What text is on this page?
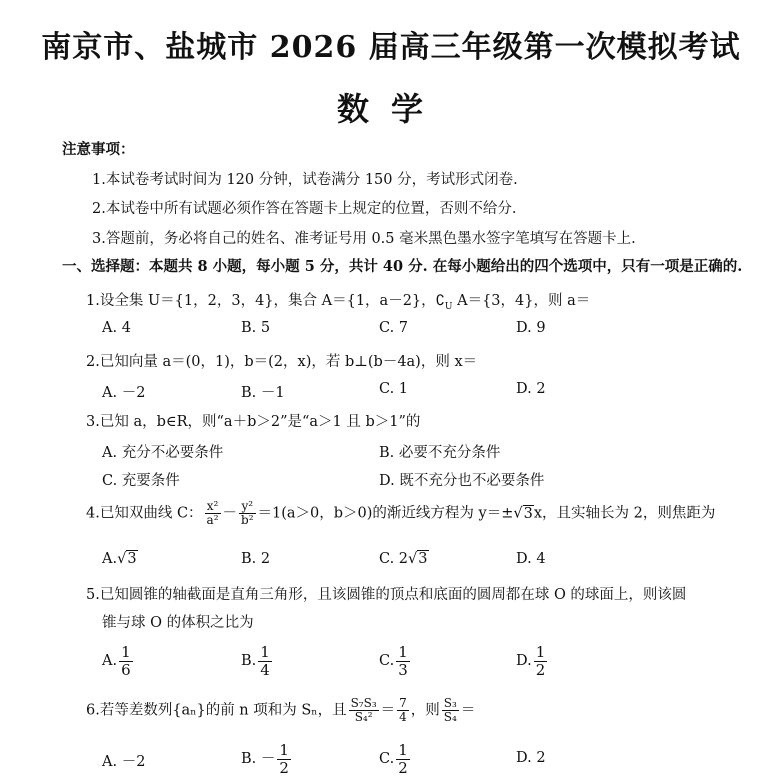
南京市、盐城市 2026 届高三年级第一次模拟考试
数学
注意事项：
1.本试卷考试时间为 120 分钟，试卷满分 150 分，考试形式闭卷.
2.本试卷中所有试题必须作答在答题卡上规定的位置，否则不给分.
3.答题前，务必将自己的姓名、准考证号用 0.5 毫米黑色墨水签字笔填写在答题卡上.
一、选择题：本题共 8 小题，每小题 5 分，共计 40 分. 在每小题给出的四个选项中，只有一项是正确的.
1.设全集 U＝{1，2，3，4}，集合 A＝{1，a－2}，$∁_U$ A＝{3，4}，则 a＝
A. 4	B. 5	C. 7	D. 9
2.已知向量 a＝(0，1)，b＝(2，x)，若 b⊥(b－4a)，则 x＝
A. －2	B. －1	C. 1	D. 2
3.已知 a，b∈R，则“a＋b＞2”是“a＞1 且 b＞1”的
A. 充分不必要条件	B. 必要不充分条件
C. 充要条件	D. 既不充分也不必要条件
4.已知双曲线 C： $\frac{\text{x²}}{\text{a²}} - \frac{\text{y²}}{\text{b²}} =1(a>0$，b＞0)的渐近线方程为 y＝±√3x，且实轴长为 2，则焦距为
A.√3	B. 2	C. 2√3	D. 4
5.已知圆锥的轴截面是直角三角形，且该圆锥的顶点和底面的圆周都在球 O 的球面上，则该圆
锥与球 O 的体积之比为
A. $\frac{1}{6}$	B. $\frac{1}{4}$	C. $\frac{1}{3}$	D. $\frac{1}{2}$
6.若等差数列{aₙ}的前 n 项和为 Sₙ，且 $\frac{\text{S₇S₃}}{\text{S₄²}} = \frac{7}{4}$ ，则 $\frac{\text{S₃}}{\text{S₄}}$ ＝
A. －2	B. － $\frac{1}{2}$	C. $\frac{1}{2}$	D. 2
